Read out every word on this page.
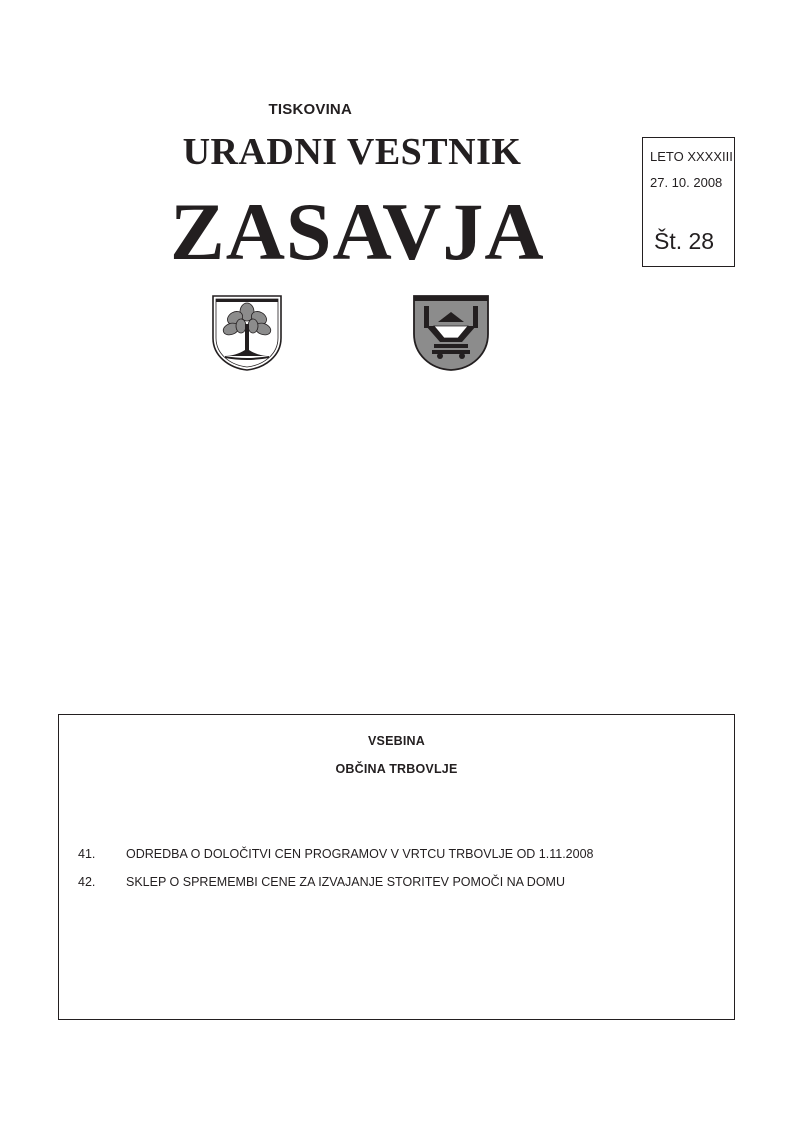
TISKOVINA
URADNI VESTNIK
ZASAVJA
LETO XXXXIII
27. 10. 2008
Št. 28
VSEBINA
OBČINA TRBOVLJE
41. ODREDBA O DOLOČITVI CEN PROGRAMOV V VRTCU TRBOVLJE OD 1.11.2008
42. SKLEP O SPREMEMBI CENE ZA IZVAJANJE STORITEV POMOČI NA DOMU
